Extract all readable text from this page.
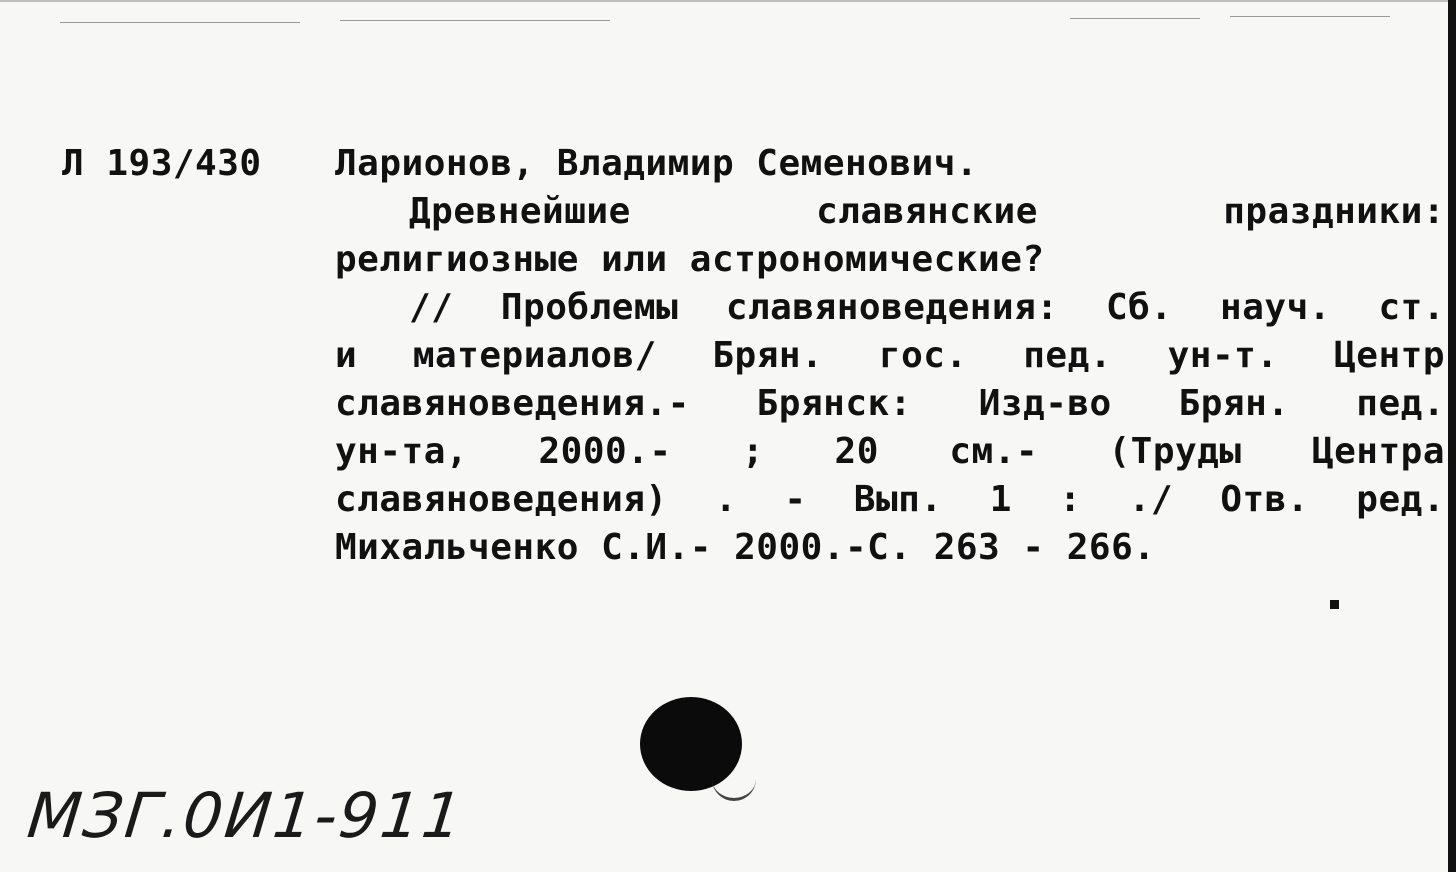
Л 193/430 Ларионов, Владимир Семенович.
Древнейшие славянские праздники:
религиозные или астрономические?
// Проблемы славяноведения: Сб. науч. ст.
и материалов/ Брян. гос. пед. ун-т. Центр
славяноведения.- Брянск: Изд-во Брян. пед.
ун-та, 2000.- ; 20 см.- (Труды Центра
славяноведения) . - Вып. 1 : ./ Отв. ред.
Михальченко С.И.- 2000.-С. 263 - 266.
МЗГ.0И1-911
